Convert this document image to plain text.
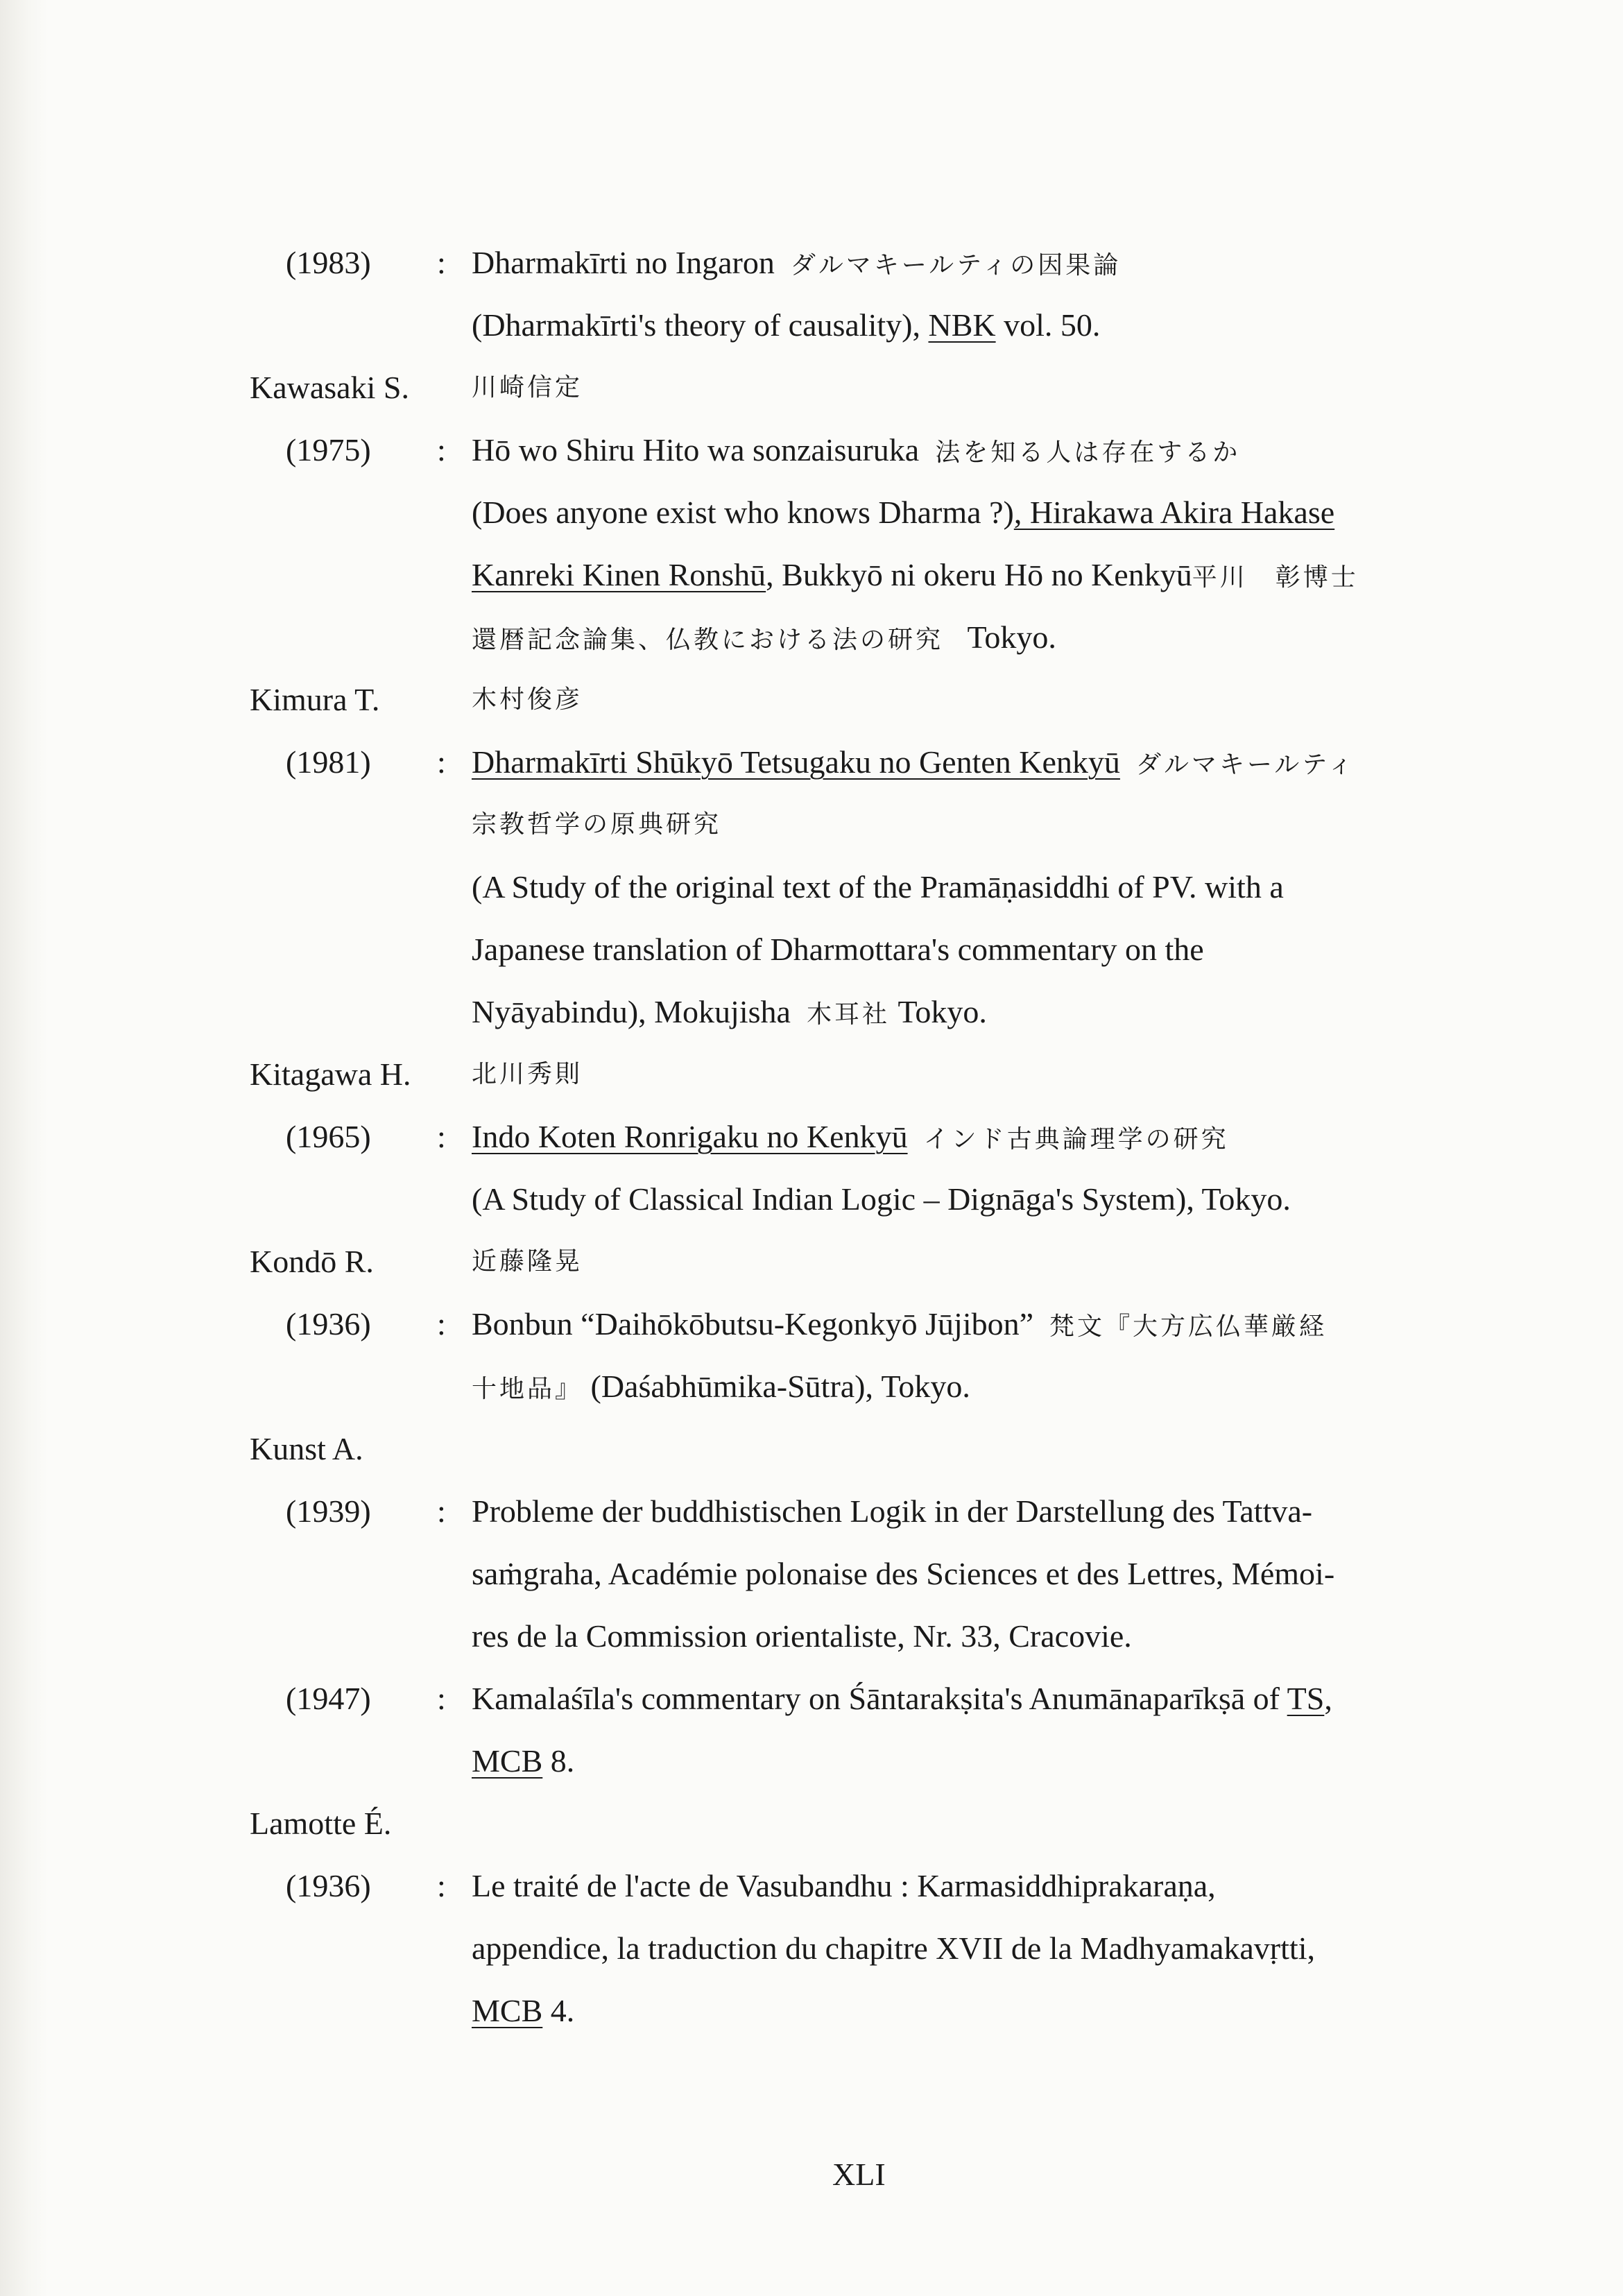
(1983) : Dharmakīrti no Ingaron ダルマキールティの因果論
(Dharmakīrti's theory of causality), NBK vol. 50.
Kawasaki S.	川崎信定
(1975) : Hō wo Shiru Hito wa sonzaisuruka 法を知る人は存在するか
(Does anyone exist who knows Dharma ?), Hirakawa Akira Hakase
Kanreki Kinen Ronshū, Bukkyō ni okeru Hō no Kenkyū平川　彰博士
還暦記念論集、仏教における法の研究 Tokyo.
Kimura T.	木村俊彦
(1981) : Dharmakīrti Shūkyō Tetsugaku no Genten Kenkyū ダルマキールティ
宗教哲学の原典研究
(A Study of the original text of the Pramāṇasiddhi of PV. with a
Japanese translation of Dharmottara's commentary on the
Nyāyabindu), Mokujisha 木耳社 Tokyo.
Kitagawa H. 北川秀則
(1965) : Indo Koten Ronrigaku no Kenkyū インド古典論理学の研究
(A Study of Classical Indian Logic – Dignāga's System), Tokyo.
Kondō R.	近藤隆晃
(1936) : Bonbun “Daihōkōbutsu-Kegonkyō Jūjibon” 梵文『大方広仏華厳経
十地品』 (Daśabhūmika-Sūtra), Tokyo.
Kunst A.
(1939) : Probleme der buddhistischen Logik in der Darstellung des Tattva-
saṁgraha, Académie polonaise des Sciences et des Lettres, Mémoi-
res de la Commission orientaliste, Nr. 33, Cracovie.
(1947) : Kamalaśīla's commentary on Śāntarakṣita's Anumānaparīkṣā of TS,
MCB 8.
Lamotte É.
(1936) : Le traité de l'acte de Vasubandhu : Karmasiddhiprakaraṇa,
appendice, la traduction du chapitre XVII de la Madhyamakavṛtti,
MCB 4.
XLI
